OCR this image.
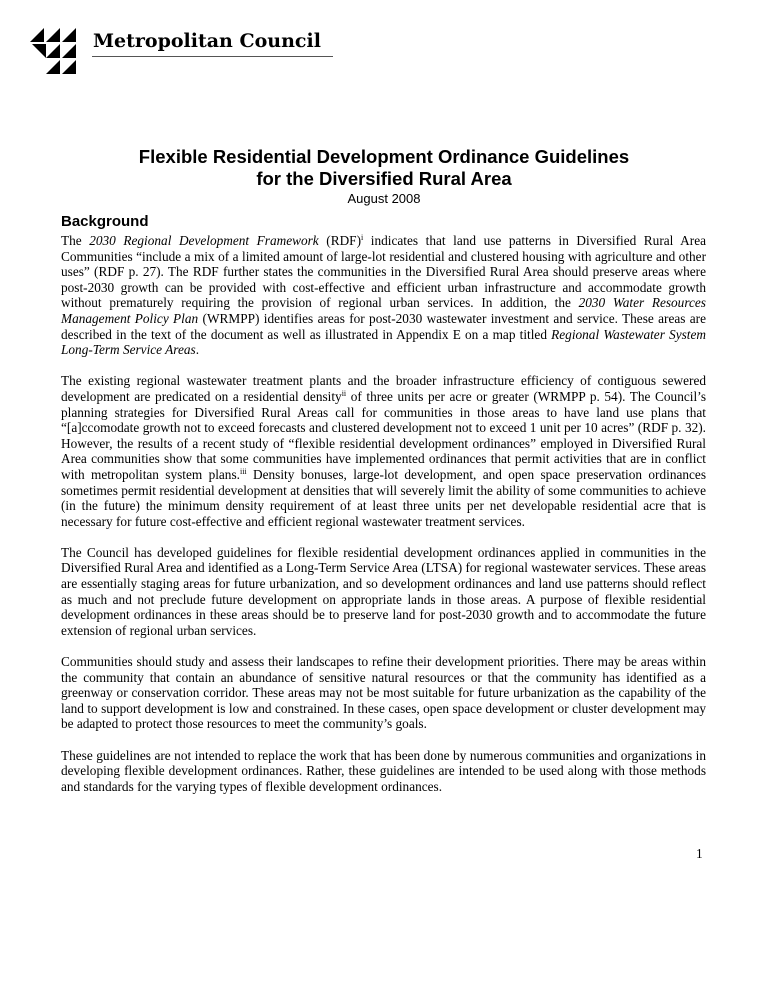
Metropolitan Council
Flexible Residential Development Ordinance Guidelines
for the Diversified Rural Area
August 2008
Background

The 2030 Regional Development Framework (RDF)$^i$ indicates that land use patterns in Diversified Rural Area Communities “include a mix of a limited amount of large-lot residential and clustered housing with agriculture and other uses” (RDF p. 27). The RDF further states the communities in the Diversified Rural Area should preserve areas where post-2030 growth can be provided with cost-effective and efficient urban infrastructure and accommodate growth without prematurely requiring the provision of regional urban services. In addition, the 2030 Water Resources Management Policy Plan (WRMPP) identifies areas for post-2030 wastewater investment and service. These areas are described in the text of the document as well as illustrated in Appendix E on a map titled Regional Wastewater System Long-Term Service Areas.

The existing regional wastewater treatment plants and the broader infrastructure efficiency of contiguous sewered development are predicated on a residential density$^{ii}$ of three units per acre or greater (WRMPP p. 54). The Council’s planning strategies for Diversified Rural Areas call for communities in those areas to have land use plans that “[a]ccomodate growth not to exceed forecasts and clustered development not to exceed 1 unit per 10 acres” (RDF p. 32). However, the results of a recent study of “flexible residential development ordinances” employed in Diversified Rural Area communities show that some communities have implemented ordinances that permit activities that are in conflict with metropolitan system plans.$^{iii}$ Density bonuses, large-lot development, and open space preservation ordinances sometimes permit residential development at densities that will severely limit the ability of some communities to achieve (in the future) the minimum density requirement of at least three units per net developable residential acre that is necessary for future cost-effective and efficient regional wastewater treatment services.

The Council has developed guidelines for flexible residential development ordinances applied in communities in the Diversified Rural Area and identified as a Long-Term Service Area (LTSA) for regional wastewater services. These areas are essentially staging areas for future urbanization, and so development ordinances and land use patterns should reflect as much and not preclude future development on appropriate lands in those areas. A purpose of flexible residential development ordinances in these areas should be to preserve land for post-2030 growth and to accommodate the future extension of regional urban services.

Communities should study and assess their landscapes to refine their development priorities. There may be areas within the community that contain an abundance of sensitive natural resources or that the community has identified as a greenway or conservation corridor. These areas may not be most suitable for future urbanization as the capability of the land to support development is low and constrained. In these cases, open space development or cluster development may be adapted to protect those resources to meet the community’s goals.

These guidelines are not intended to replace the work that has been done by numerous communities and organizations in developing flexible development ordinances. Rather, these guidelines are intended to be used along with those methods and standards for the varying types of flexible development ordinances.

1
